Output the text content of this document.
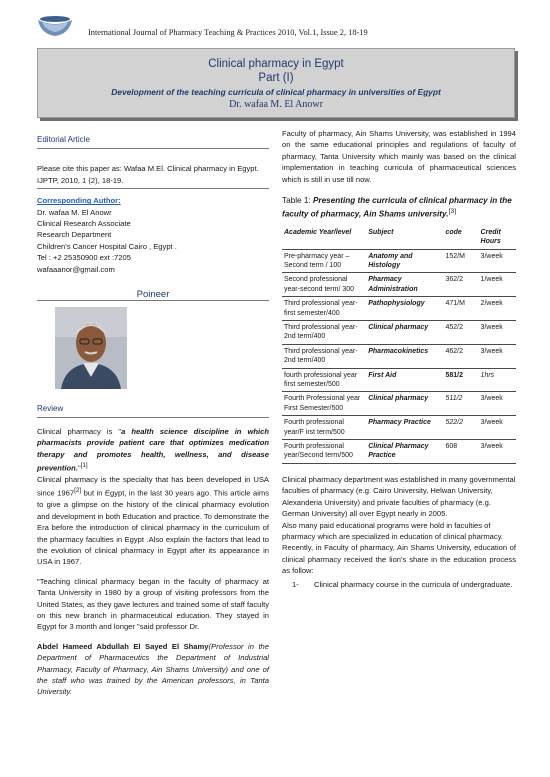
International Journal of Pharmacy Teaching & Practices 2010, Vol.1, Issue 2, 18-19
Clinical pharmacy in Egypt
Part (I)
Development of the teaching curricula of clinical pharmacy in universities of Egypt
Dr. wafaa M. El Anowr
Editorial Article
Please cite this paper as: Wafaa M.El. Clinical pharmacy in Egypt. IJPTP, 2010, 1 (2), 18-19.
Corresponding Author:
Dr. wafaa M. El Anowr
Clinical Research Associate
Research Department
Children's Cancer Hospital Cairo , Egypt .
Tel : +2 25350900 ext :7205
wafaaanor@gmail.com
Poineer
Review

Clinical pharmacy is "a health science discipline in which pharmacists provide patient care that optimizes medication therapy and promotes health, wellness, and disease prevention."[1]

Clinical pharmacy is the specialty that has been developed in USA since 1967[2] but in Egypt, in the last 30 years ago. This article aims to give a glimpse on the history of the clinical pharmacy evolution and development in both Education and practice. To demonstrate the Era before the introduction of clinical pharmacy in the curriculum of the pharmacy faculties in Egypt .Also explain the factors that lead to the evolution of clinical pharmacy in Egypt after its appearance in USA in 1967.

"Teaching clinical pharmacy began in the faculty of pharmacy at Tanta University in 1980 by a group of visiting professors from the United States, as they gave lectures and trained some of staff faculty on this new branch in pharmaceutical education. They stayed in Egypt for 3 month and longer "said professor Dr.

Abdel Hameed Abdullah El Sayed El Shamy(Professor in the Department of Pharmaceutics the Department of Industrial Pharmacy, Faculty of Pharmacy, Ain Shams University) and one of the staff who was trained by the American professors, in Tanta University.

Faculty of pharmacy, Ain Shams University, was established in 1994 on the same educational principles and regulations of faculty of pharmacy, Tanta University which mainly was based on the clinical implementation in teaching curricula of pharmaceutical sciences which is still in use till now.

Table 1: Presenting the curricula of clinical pharmacy in the faculty of pharmacy, Ain Shams university.[3]

Academic Year/level	Subject	code	Credit Hours
Pre-pharmacy year – Second term / 100	Anatomy and Histology	152/M	3/week
Second professional year-second term/ 300	Pharmacy Administration	362/2	1/week
Third professional year- first semester/400	Pathophysiology	471/M	2/week
Third professional year- 2nd term/400	Clinical pharmacy	452/2	3/week
Third professional year- 2nd term/400	Pharmacokinetics	462/2	3/week
fourth professional year first semester/500	First Aid	581/2	1hrs
Fourth Professional year First Semester/500	Clinical pharmacy	511/2	3/week
Fourth professional year/F irst term/500	Pharmacy Practice	522/2	3/week
Fourth professional year/Second term/500	Clinical Pharmacy Practice	608	3/week

Clinical pharmacy department was established in many governmental faculties of pharmacy (e.g. Cairo University, Helwan University, Alexanderia University) and private faculties of pharmacy (e.g. German University) all over Egypt nearly in 2005.

Also many paid educational programs were hold in faculties of pharmacy which are specialized in education of clinical pharmacy.

Recently, in Faculty of pharmacy, Ain Shams University, education of clinical pharmacy received the lion's share in the education process as follow:

1-	Clinical pharmacy course in the curricula of undergraduate.
